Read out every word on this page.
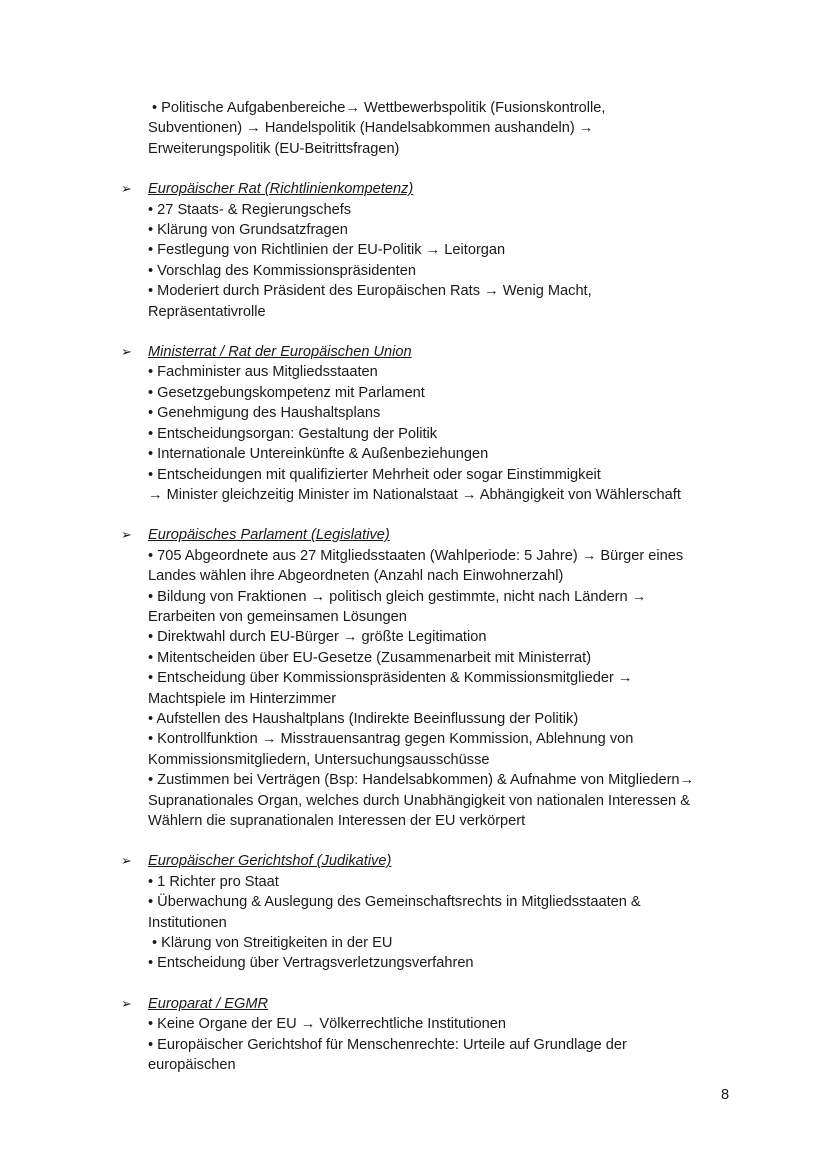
• Politische Aufgabenbereiche→ Wettbewerbspolitik (Fusionskontrolle,
Subventionen) → Handelspolitik (Handelsabkommen aushandeln) →
Erweiterungspolitik (EU-Beitrittsfragen)
➢ Europäischer Rat (Richtlinienkompetenz)
• 27 Staats- & Regierungschefs
• Klärung von Grundsatzfragen
• Festlegung von Richtlinien der EU-Politik → Leitorgan
• Vorschlag des Kommissionspräsidenten
• Moderiert durch Präsident des Europäischen Rats → Wenig Macht,
Repräsentativrolle
➢ Ministerrat / Rat der Europäischen Union
• Fachminister aus Mitgliedsstaaten
• Gesetzgebungskompetenz mit Parlament
• Genehmigung des Haushaltsplans
• Entscheidungsorgan: Gestaltung der Politik
• Internationale Untereinkünfte & Außenbeziehungen
• Entscheidungen mit qualifizierter Mehrheit oder sogar Einstimmigkeit
→ Minister gleichzeitig Minister im Nationalstaat → Abhängigkeit von Wählerschaft
➢ Europäisches Parlament (Legislative)
• 705 Abgeordnete aus 27 Mitgliedsstaaten (Wahlperiode: 5 Jahre) → Bürger eines
Landes wählen ihre Abgeordneten (Anzahl nach Einwohnerzahl)
• Bildung von Fraktionen → politisch gleich gestimmte, nicht nach Ländern →
Erarbeiten von gemeinsamen Lösungen
• Direktwahl durch EU-Bürger → größte Legitimation
• Mitentscheiden über EU-Gesetze (Zusammenarbeit mit Ministerrat)
• Entscheidung über Kommissionspräsidenten & Kommissionsmitglieder →
Machtspiele im Hinterzimmer
• Aufstellen des Haushaltplans (Indirekte Beeinflussung der Politik)
• Kontrollfunktion → Misstrauensantrag gegen Kommission, Ablehnung von
Kommissionsmitgliedern, Untersuchungsausschüsse
• Zustimmen bei Verträgen (Bsp: Handelsabkommen) & Aufnahme von Mitgliedern→
Supranationales Organ, welches durch Unabhängigkeit von nationalen Interessen &
Wählern die supranationalen Interessen der EU verkörpert
➢ Europäischer Gerichtshof (Judikative)
• 1 Richter pro Staat
• Überwachung & Auslegung des Gemeinschaftsrechts in Mitgliedsstaaten &
Institutionen
• Klärung von Streitigkeiten in der EU
• Entscheidung über Vertragsverletzungsverfahren
➢ Europarat / EGMR
• Keine Organe der EU → Völkerrechtliche Institutionen
• Europäischer Gerichtshof für Menschenrechte: Urteile auf Grundlage der
europäischen
8
